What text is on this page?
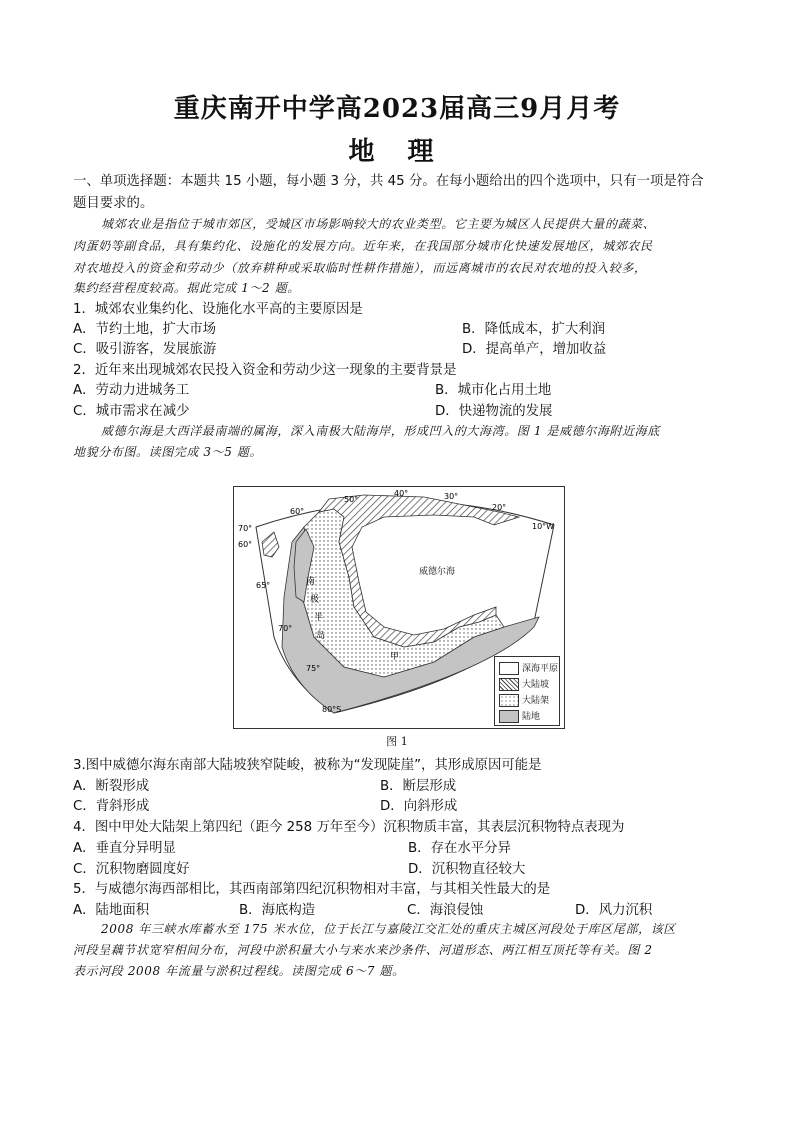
重庆南开中学高2023届高三9月月考
地 理
一、单项选择题：本题共 15 小题，每小题 3 分，共 45 分。在每小题给出的四个选项中，只有一项是符合
题目要求的。
城郊农业是指位于城市郊区，受城区市场影响较大的农业类型。它主要为城区人民提供大量的蔬菜、
肉蛋奶等副食品，具有集约化、设施化的发展方向。近年来，在我国部分城市化快速发展地区，城郊农民
对农地投入的资金和劳动少（放弃耕种或采取临时性耕作措施），而远离城市的农民对农地的投入较多，
集约经营程度较高。据此完成 1～2 题。
1．城郊农业集约化、设施化水平高的主要原因是
A．节约土地，扩大市场	B．降低成本，扩大利润
C．吸引游客，发展旅游	D．提高单产，增加收益
2．近年来出现城郊农民投入资金和劳动少这一现象的主要背景是
A．劳动力进城务工	B．城市化占用土地
C．城市需求在减少	D．快递物流的发展
威德尔海是大西洋最南端的属海，深入南极大陆海岸，形成凹入的大海湾。图 1 是威德尔海附近海底
地貌分布图。读图完成 3～5 题。
威德尔海
南
极
半
岛
甲
70°
60°
50°
40°	30°
20°
10°W
60°
65°
70°
75°
80°S
深海平原
大陆坡
大陆架
陆地
图 1
3.图中威德尔海东南部大陆坡狭窄陡峻，被称为“发现陡崖”，其形成原因可能是
A．断裂形成	B．断层形成
C．背斜形成	D．向斜形成
4．图中甲处大陆架上第四纪（距今 258 万年至今）沉积物质丰富，其表层沉积物特点表现为
A．垂直分异明显	B．存在水平分异
C．沉积物磨圆度好	D．沉积物直径较大
5．与威德尔海西部相比，其西南部第四纪沉积物相对丰富，与其相关性最大的是
A．陆地面积	B．海底构造	C．海浪侵蚀	D．风力沉积
2008 年三峡水库蓄水至 175 米水位，位于长江与嘉陵江交汇处的重庆主城区河段处于库区尾部，该区
河段呈藕节状宽窄相间分布，河段中淤积量大小与来水来沙条件、河道形态、两江相互顶托等有关。图 2
表示河段 2008 年流量与淤积过程线。读图完成 6～7 题。
